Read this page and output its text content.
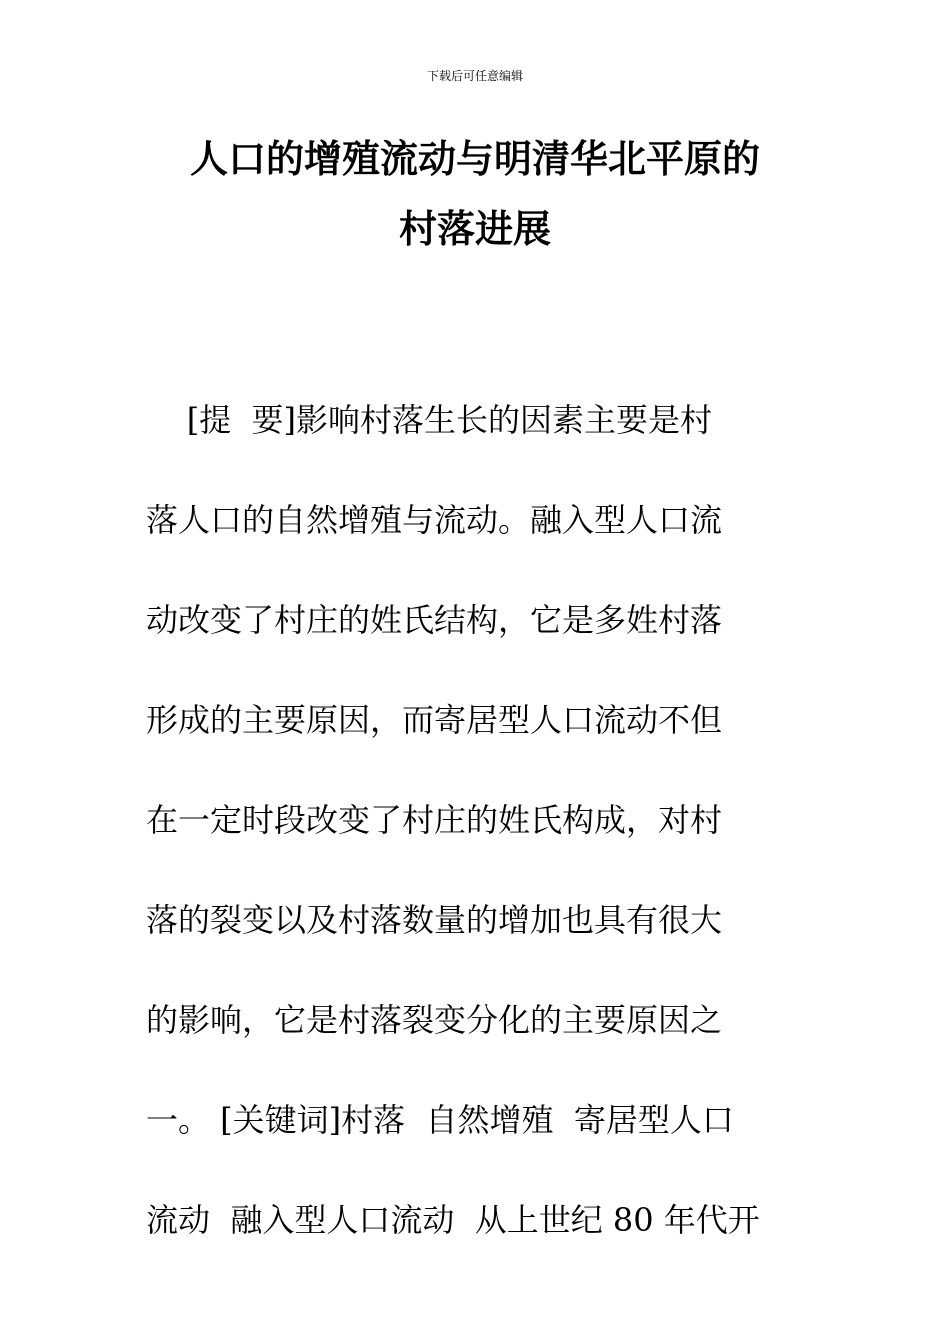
下载后可任意编辑
人口的增殖流动与明清华北平原的
村落进展
[提  要]影响村落生长的因素主要是村
落人口的自然增殖与流动。融入型人口流
动改变了村庄的姓氏结构，它是多姓村落
形成的主要原因，而寄居型人口流动不但
在一定时段改变了村庄的姓氏构成，对村
落的裂变以及村落数量的增加也具有很大
的影响，它是村落裂变分化的主要原因之
一。 [关键词]村落  自然增殖  寄居型人口
流动  融入型人口流动  从上世纪 80 年代开
